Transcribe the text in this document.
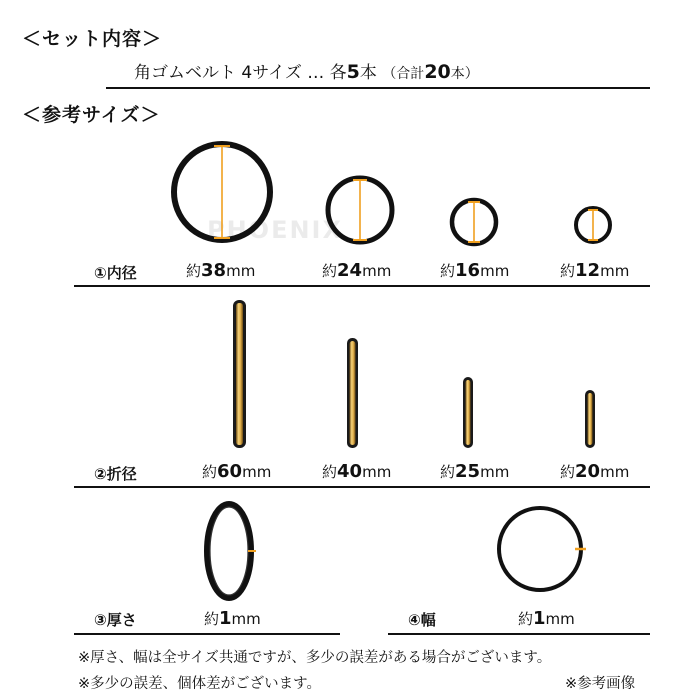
＜セット内容＞
角ゴムベルト 4サイズ … 各5本 （合計20本）
＜参考サイズ＞
PHOENIX
①内径	約38mm	約24mm	約16mm	約12mm
②折径	約60mm	約40mm	約25mm	約20mm
③厚さ	約1mm	④幅	約1mm
※厚さ、幅は全サイズ共通ですが、多少の誤差がある場合がございます。
※多少の誤差、個体差がございます。	※参考画像
